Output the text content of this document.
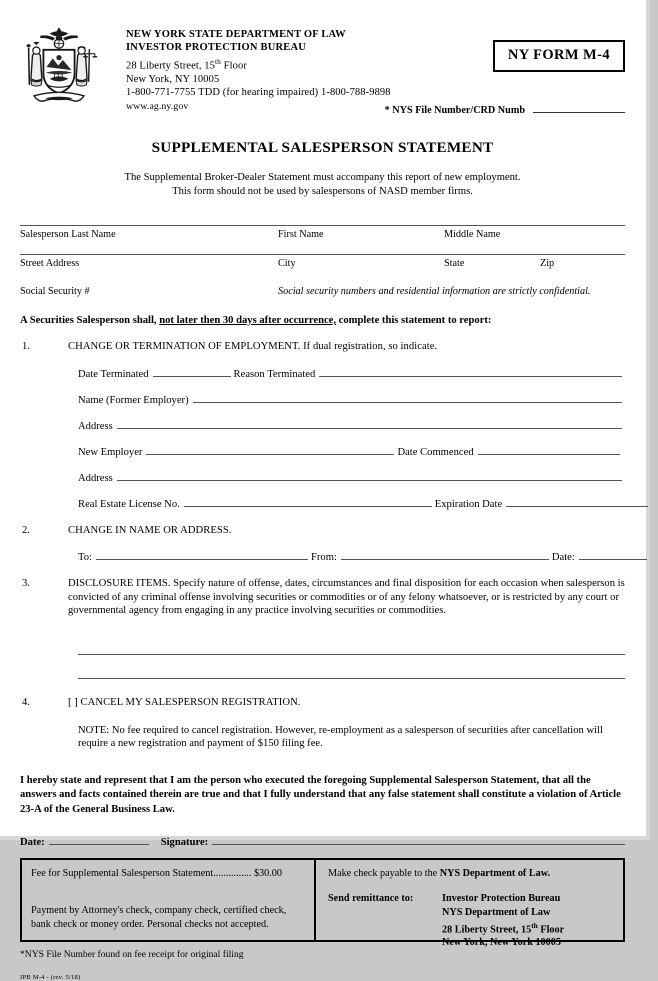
NEW YORK STATE DEPARTMENT OF LAW
INVESTOR PROTECTION BUREAU
28 Liberty Street, 15th Floor
New York, NY 10005
1-800-771-7755 TDD (for hearing impaired) 1-800-788-9898
www.ag.ny.gov
NY FORM M-4
* NYS File Number/CRD Numb
SUPPLEMENTAL SALESPERSON STATEMENT
The Supplemental Broker-Dealer Statement must accompany this report of new employment.
This form should not be used by salespersons of NASD member firms.
Salesperson Last Name	First Name	Middle Name
Street Address	City	State	Zip
Social Security #	Social security numbers and residential information are strictly confidential.
A Securities Salesperson shall, not later then 30 days after occurrence, complete this statement to report:
1.	CHANGE OR TERMINATION OF EMPLOYMENT. If dual registration, so indicate.
Date Terminated	Reason Terminated
Name (Former Employer)
Address
New Employer	Date Commenced
Address
Real Estate License No.	Expiration Date
2.	CHANGE IN NAME OR ADDRESS.
To:	From:	Date:
3.	DISCLOSURE ITEMS. Specify nature of offense, dates, circumstances and final disposition for each occasion when salesperson is convicted of any criminal offense involving securities or commodities or of any felony whatsoever, or is restricted by any court or governmental agency from engaging in any practice involving securities or commodities.
4.	[ ] CANCEL MY SALESPERSON REGISTRATION.
NOTE: No fee required to cancel registration. However, re-employment as a salesperson of securities after cancellation will require a new registration and payment of $150 filing fee.
I hereby state and represent that I am the person who executed the foregoing Supplemental Salesperson Statement, that all the answers and facts contained therein are true and that I fully understand that any false statement shall constitute a violation of Article 23-A of the General Business Law.
Date:	Signature:
Fee for Supplemental Salesperson Statement............... $30.00
Payment by Attorney's check, company check, certified check, bank check or money order. Personal checks not accepted.
Make check payable to the NYS Department of Law.
Send remittance to:	Investor Protection Bureau
NYS Department of Law
28 Liberty Street, 15th Floor
New York, New York 10005
*NYS File Number found on fee receipt for original filing
IPB M-4 - (rev. 5/18)
